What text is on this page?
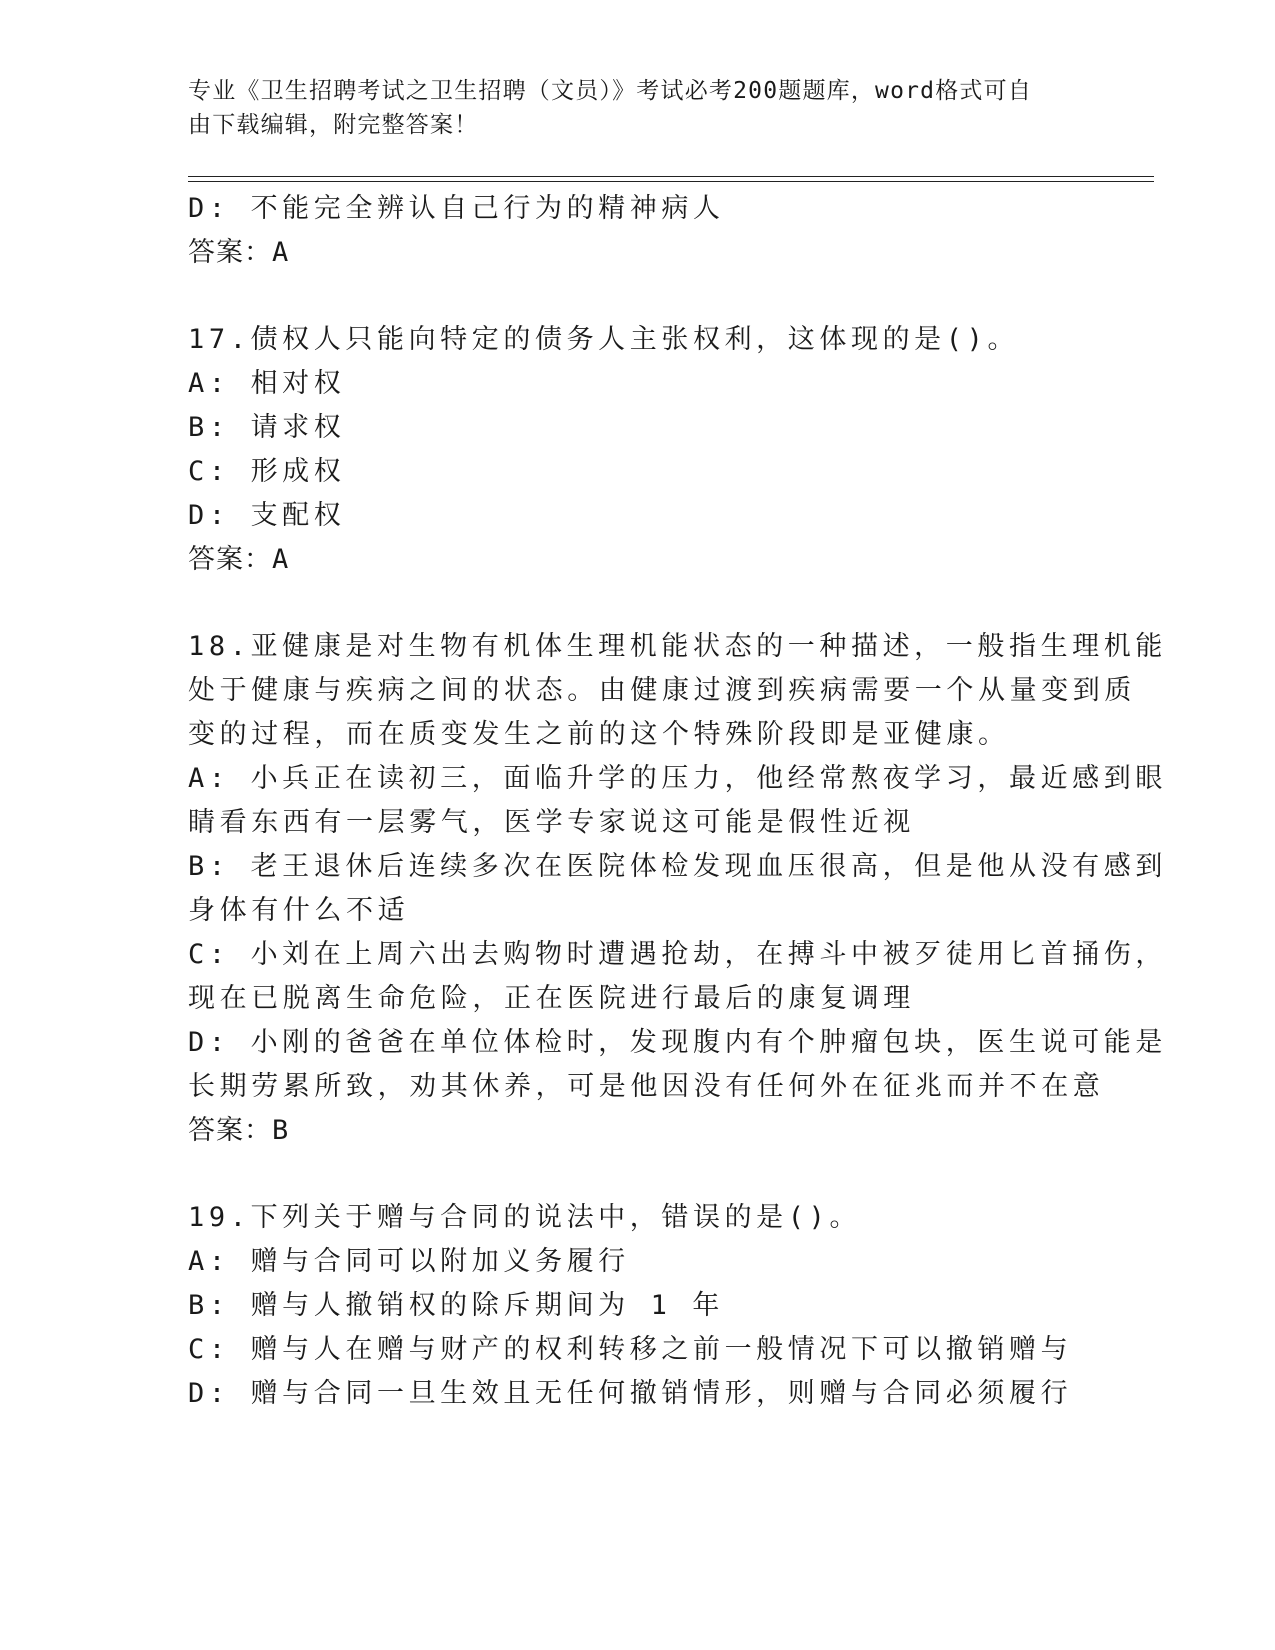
专业《卫生招聘考试之卫生招聘（文员）》考试必考200题题库，word格式可自
由下载编辑，附完整答案！

D: 不能完全辨认自己行为的精神病人

答案：A

17.债权人只能向特定的债务人主张权利，这体现的是()。

A: 相对权

B: 请求权

C: 形成权

D: 支配权

答案：A

18.亚健康是对生物有机体生理机能状态的一种描述，一般指生理机能

处于健康与疾病之间的状态。由健康过渡到疾病需要一个从量变到质

变的过程，而在质变发生之前的这个特殊阶段即是亚健康。

A: 小兵正在读初三，面临升学的压力，他经常熬夜学习，最近感到眼

睛看东西有一层雾气，医学专家说这可能是假性近视

B: 老王退休后连续多次在医院体检发现血压很高，但是他从没有感到

身体有什么不适

C: 小刘在上周六出去购物时遭遇抢劫，在搏斗中被歹徒用匕首捅伤，

现在已脱离生命危险，正在医院进行最后的康复调理

D: 小刚的爸爸在单位体检时，发现腹内有个肿瘤包块，医生说可能是

长期劳累所致，劝其休养，可是他因没有任何外在征兆而并不在意

答案：B

19.下列关于赠与合同的说法中，错误的是()。

A: 赠与合同可以附加义务履行

B: 赠与人撤销权的除斥期间为 1 年

C: 赠与人在赠与财产的权利转移之前一般情况下可以撤销赠与

D: 赠与合同一旦生效且无任何撤销情形，则赠与合同必须履行
